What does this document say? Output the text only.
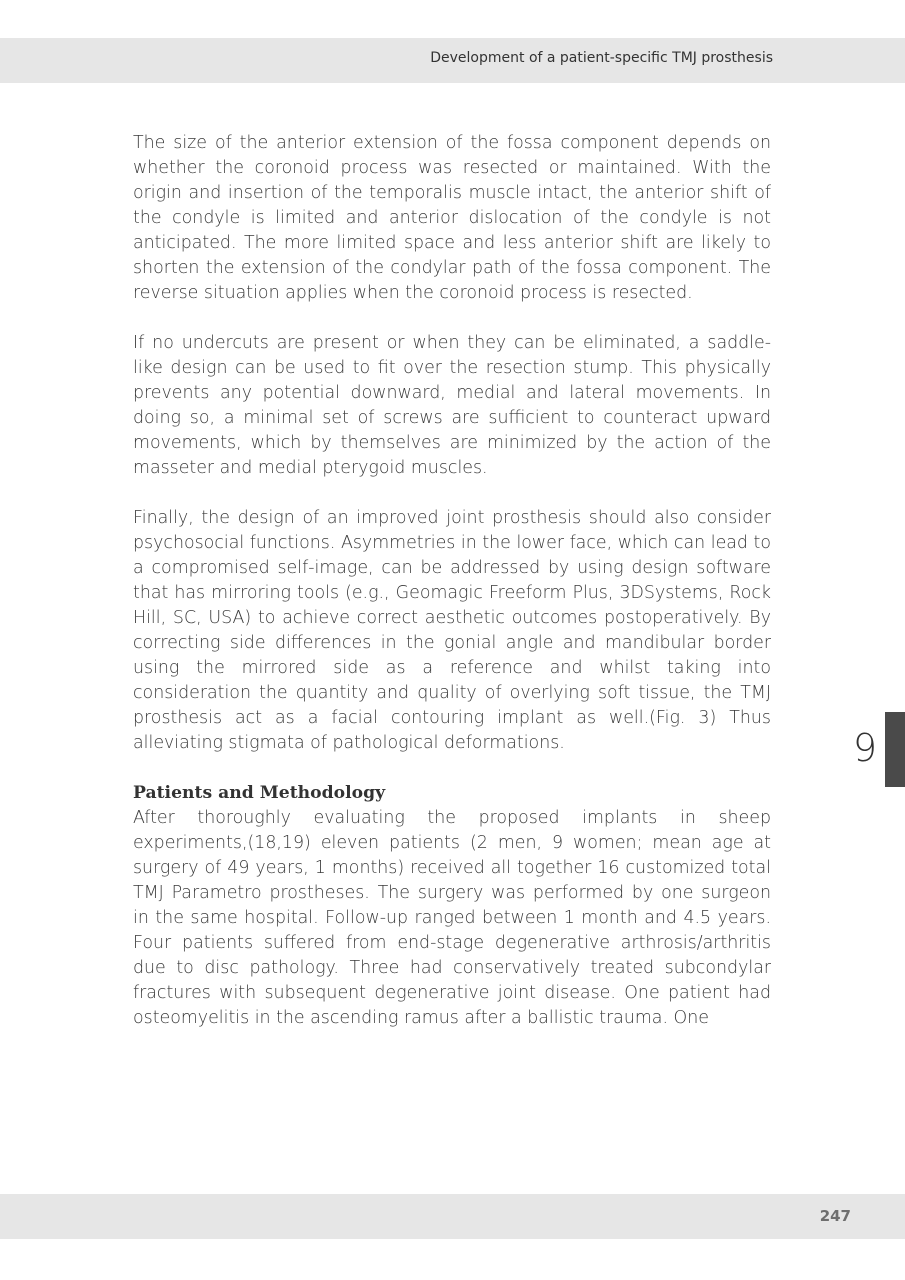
Development of a patient-specific TMJ prosthesis

The size of the anterior extension of the fossa component depends on whether the coronoid process was resected or maintained. With the origin and insertion of the temporalis muscle intact, the anterior shift of the condyle is limited and anterior dislocation of the condyle is not anticipated. The more limited space and less anterior shift are likely to shorten the extension of the condylar path of the fossa component. The reverse situation applies when the coronoid process is resected.

If no undercuts are present or when they can be eliminated, a saddle-like design can be used to fit over the resection stump. This physically prevents any potential downward, medial and lateral movements. In doing so, a minimal set of screws are sufficient to counteract upward movements, which by themselves are minimized by the action of the masseter and medial pterygoid muscles.

Finally, the design of an improved joint prosthesis should also consider psychosocial functions. Asymmetries in the lower face, which can lead to a compromised self-image, can be addressed by using design software that has mirroring tools (e.g., Geomagic Freeform Plus, 3DSystems, Rock Hill, SC, USA) to achieve correct aesthetic outcomes postoperatively. By correcting side differences in the gonial angle and mandibular border using the mirrored side as a reference and whilst taking into consideration the quantity and quality of overlying soft tissue, the TMJ prosthesis act as a facial contouring implant as well.(Fig. 3) Thus alleviating stigmata of pathological deformations.

Patients and Methodology

After thoroughly evaluating the proposed implants in sheep experiments,(18,19) eleven patients (2 men, 9 women; mean age at surgery of 49 years, 1 months) received all together 16 customized total TMJ Parametro prostheses. The surgery was performed by one surgeon in the same hospital. Follow-up ranged between 1 month and 4.5 years. Four patients suffered from end-stage degenerative arthrosis/arthritis due to disc pathology. Three had conservatively treated subcondylar fractures with subsequent degenerative joint disease. One patient had osteomyelitis in the ascending ramus after a ballistic trauma. One

9
247
